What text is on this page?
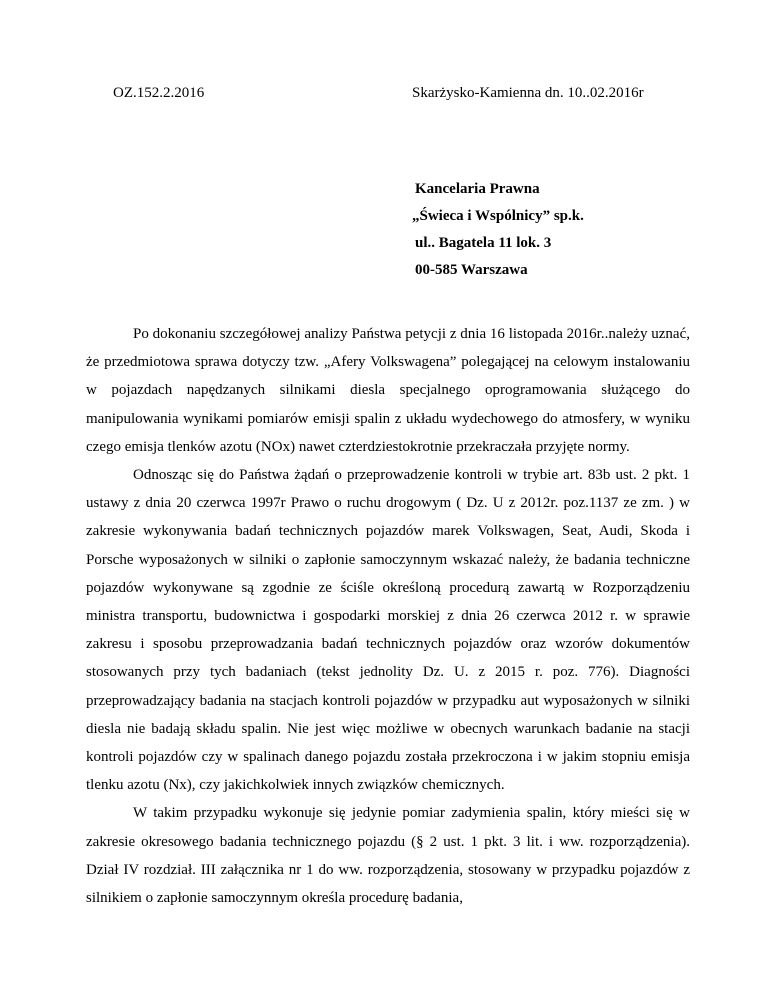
OZ.152.2.2016	Skarżysko-Kamienna dn. 10..02.2016r
Kancelaria Prawna
„Świeca i Wspólnicy” sp.k.
ul.. Bagatela 11 lok. 3
00-585 Warszawa

Po dokonaniu szczegółowej analizy Państwa petycji z dnia 16 listopada 2016r..należy uznać, że przedmiotowa sprawa dotyczy tzw. „Afery Volkswagena” polegającej na celowym instalowaniu w pojazdach napędzanych silnikami diesla specjalnego oprogramowania służącego do manipulowania wynikami pomiarów emisji spalin z układu wydechowego do atmosfery, w wyniku czego emisja tlenków azotu (NOx) nawet czterdziestokrotnie przekraczała przyjęte normy.

Odnosząc się do Państwa żądań o przeprowadzenie kontroli w trybie art. 83b ust. 2 pkt. 1 ustawy z dnia 20 czerwca 1997r Prawo o ruchu drogowym ( Dz. U z 2012r. poz.1137 ze zm. ) w zakresie wykonywania badań technicznych pojazdów marek Volkswagen, Seat, Audi, Skoda i Porsche wyposażonych w silniki o zapłonie samoczynnym wskazać należy, że badania techniczne pojazdów wykonywane są zgodnie ze ściśle określoną procedurą zawartą w Rozporządzeniu ministra transportu, budownictwa i gospodarki morskiej z dnia 26 czerwca 2012 r. w sprawie zakresu i sposobu przeprowadzania badań technicznych pojazdów oraz wzorów dokumentów stosowanych przy tych badaniach (tekst jednolity Dz. U. z 2015 r. poz. 776). Diagności przeprowadzający badania na stacjach kontroli pojazdów w przypadku aut wyposażonych w silniki diesla nie badają składu spalin. Nie jest więc możliwe w obecnych warunkach badanie na stacji kontroli pojazdów czy w spalinach danego pojazdu została przekroczona i w jakim stopniu emisja tlenku azotu (Nx), czy jakichkolwiek innych związków chemicznych.

W takim przypadku wykonuje się jedynie pomiar zadymienia spalin, który mieści się w zakresie okresowego badania technicznego pojazdu (§ 2 ust. 1 pkt. 3 lit. i ww. rozporządzenia). Dział IV rozdział. III załącznika nr 1 do ww. rozporządzenia, stosowany w przypadku pojazdów z silnikiem o zapłonie samoczynnym określa procedurę badania,
